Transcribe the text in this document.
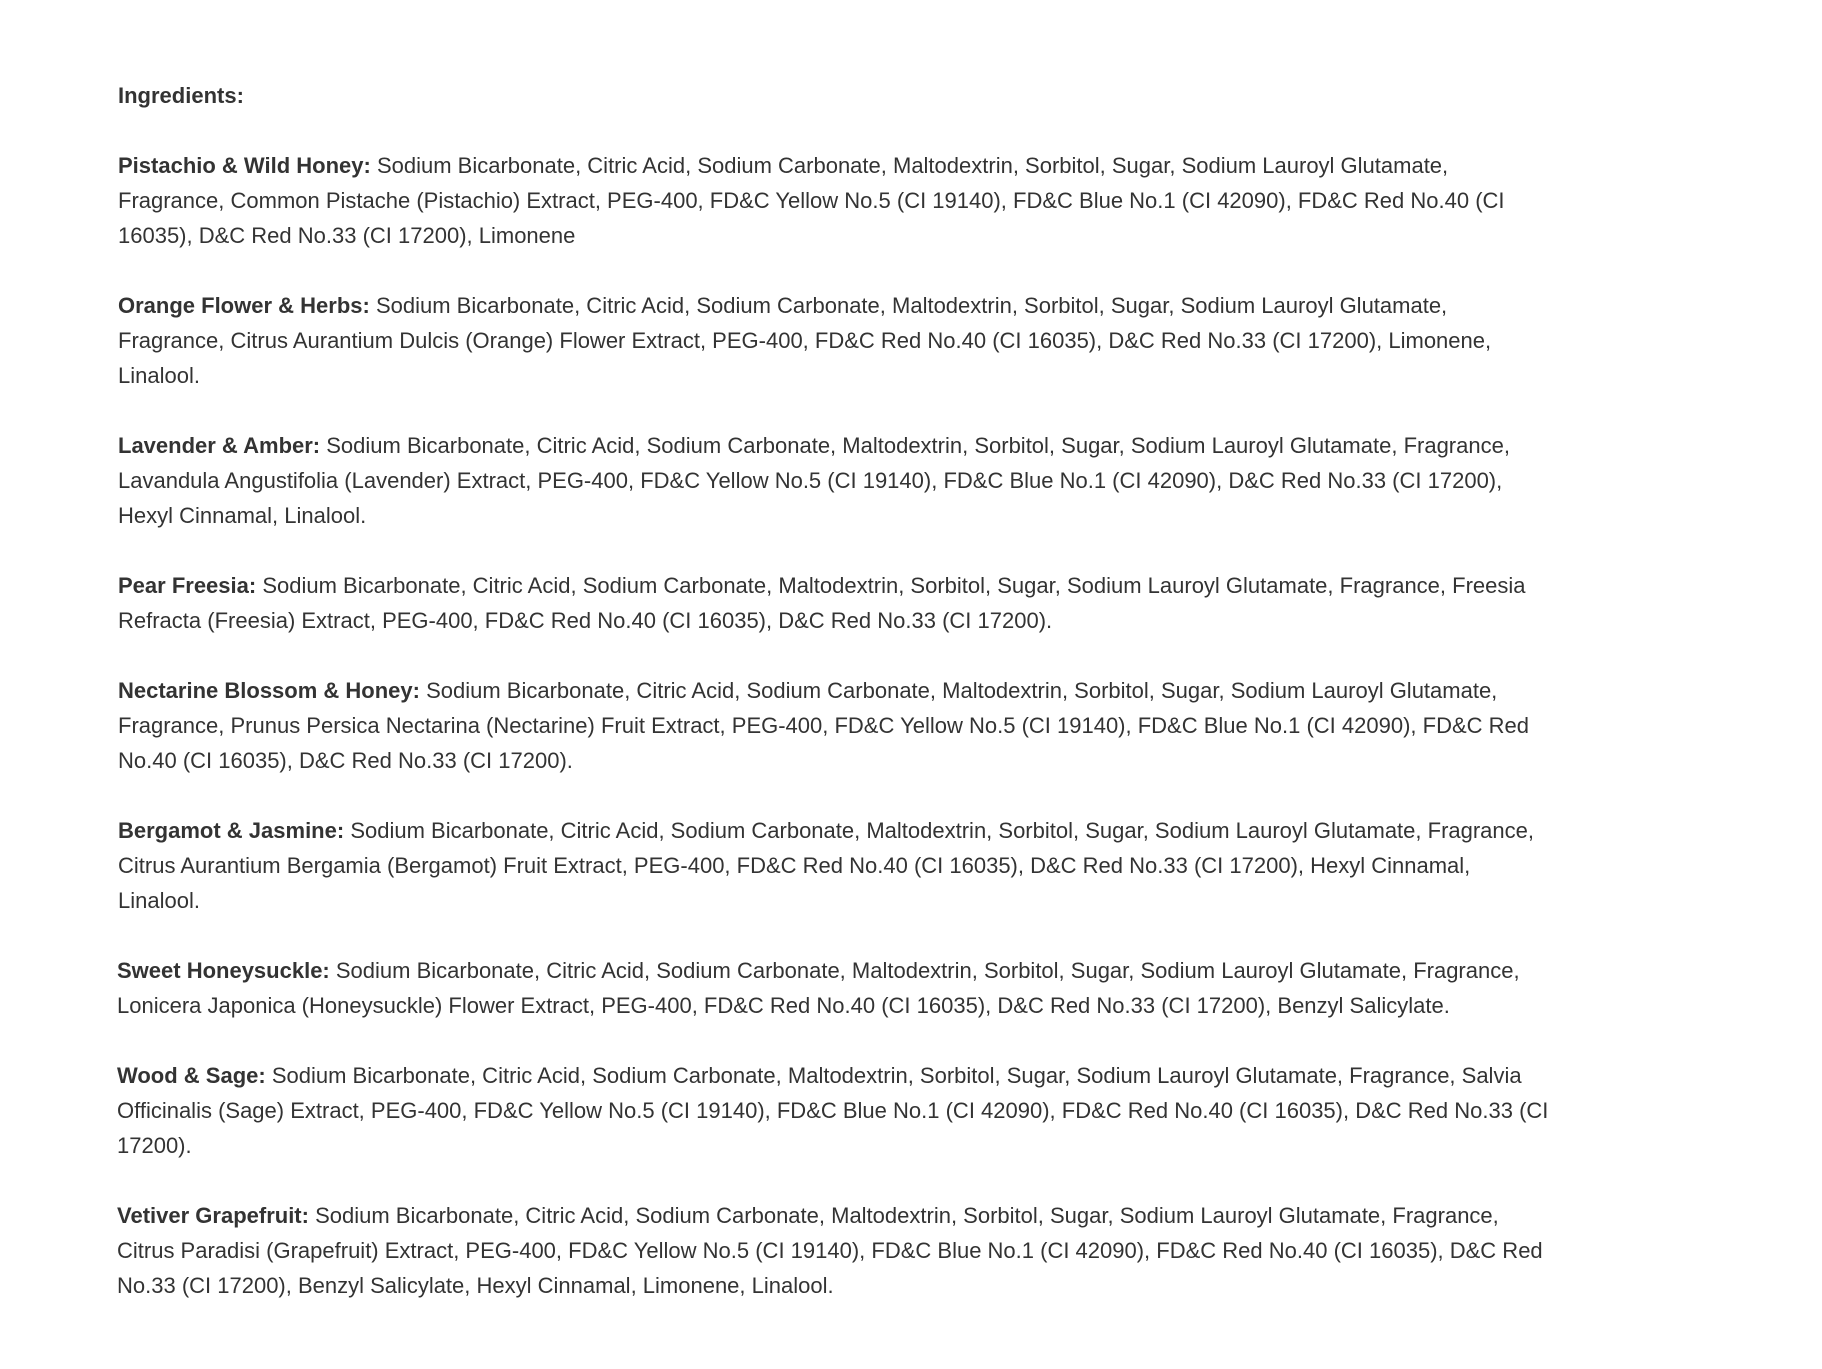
Ingredients:

Pistachio & Wild Honey: Sodium Bicarbonate, Citric Acid, Sodium Carbonate, Maltodextrin, Sorbitol, Sugar, Sodium Lauroyl Glutamate, Fragrance, Common Pistache (Pistachio) Extract, PEG-400, FD&C Yellow No.5 (CI 19140), FD&C Blue No.1 (CI 42090), FD&C Red No.40 (CI 16035), D&C Red No.33 (CI 17200), Limonene

Orange Flower & Herbs: Sodium Bicarbonate, Citric Acid, Sodium Carbonate, Maltodextrin, Sorbitol, Sugar, Sodium Lauroyl Glutamate, Fragrance, Citrus Aurantium Dulcis (Orange) Flower Extract, PEG-400, FD&C Red No.40 (CI 16035), D&C Red No.33 (CI 17200), Limonene, Linalool.

Lavender & Amber: Sodium Bicarbonate, Citric Acid, Sodium Carbonate, Maltodextrin, Sorbitol, Sugar, Sodium Lauroyl Glutamate, Fragrance, Lavandula Angustifolia (Lavender) Extract, PEG-400, FD&C Yellow No.5 (CI 19140), FD&C Blue No.1 (CI 42090), D&C Red No.33 (CI 17200), Hexyl Cinnamal, Linalool.

Pear Freesia: Sodium Bicarbonate, Citric Acid, Sodium Carbonate, Maltodextrin, Sorbitol, Sugar, Sodium Lauroyl Glutamate, Fragrance, Freesia Refracta (Freesia) Extract, PEG-400, FD&C Red No.40 (CI 16035), D&C Red No.33 (CI 17200).

Nectarine Blossom & Honey: Sodium Bicarbonate, Citric Acid, Sodium Carbonate, Maltodextrin, Sorbitol, Sugar, Sodium Lauroyl Glutamate, Fragrance, Prunus Persica Nectarina (Nectarine) Fruit Extract, PEG-400, FD&C Yellow No.5 (CI 19140), FD&C Blue No.1 (CI 42090), FD&C Red No.40 (CI 16035), D&C Red No.33 (CI 17200).

Bergamot & Jasmine: Sodium Bicarbonate, Citric Acid, Sodium Carbonate, Maltodextrin, Sorbitol, Sugar, Sodium Lauroyl Glutamate, Fragrance, Citrus Aurantium Bergamia (Bergamot) Fruit Extract, PEG-400, FD&C Red No.40 (CI 16035), D&C Red No.33 (CI 17200), Hexyl Cinnamal, Linalool.

Sweet Honeysuckle: Sodium Bicarbonate, Citric Acid, Sodium Carbonate, Maltodextrin, Sorbitol, Sugar, Sodium Lauroyl Glutamate, Fragrance, Lonicera Japonica (Honeysuckle) Flower Extract, PEG-400, FD&C Red No.40 (CI 16035), D&C Red No.33 (CI 17200), Benzyl Salicylate.

Wood & Sage: Sodium Bicarbonate, Citric Acid, Sodium Carbonate, Maltodextrin, Sorbitol, Sugar, Sodium Lauroyl Glutamate, Fragrance, Salvia Officinalis (Sage) Extract, PEG-400, FD&C Yellow No.5 (CI 19140), FD&C Blue No.1 (CI 42090), FD&C Red No.40 (CI 16035), D&C Red No.33 (CI 17200).

Vetiver Grapefruit: Sodium Bicarbonate, Citric Acid, Sodium Carbonate, Maltodextrin, Sorbitol, Sugar, Sodium Lauroyl Glutamate, Fragrance, Citrus Paradisi (Grapefruit) Extract, PEG-400, FD&C Yellow No.5 (CI 19140), FD&C Blue No.1 (CI 42090), FD&C Red No.40 (CI 16035), D&C Red No.33 (CI 17200), Benzyl Salicylate, Hexyl Cinnamal, Limonene, Linalool.
